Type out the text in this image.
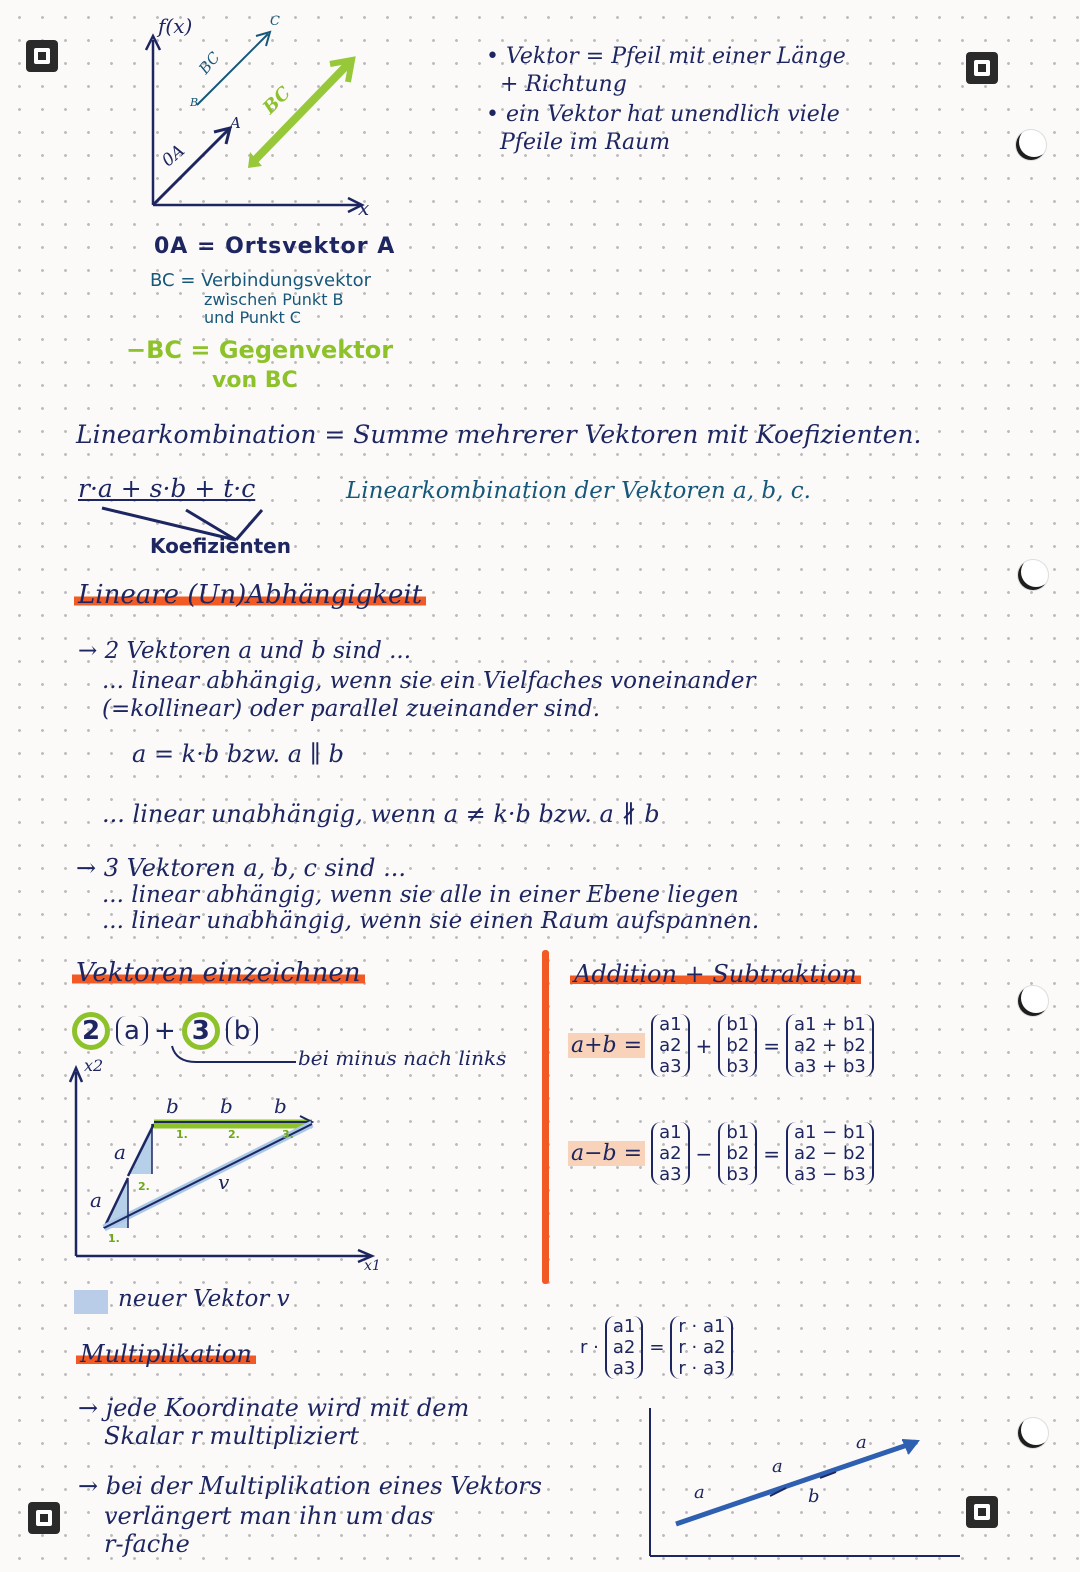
f(x)
x
0A
A
B
C
BC
BC
• Vektor = Pfeil mit einer Länge
+ Richtung
• ein Vektor hat unendlich viele
Pfeile im Raum
0A = Ortsvektor A
BC = Verbindungsvektor
zwischen Punkt B
und Punkt C
−BC = Gegenvektor
von BC
Linearkombination = Summe mehrerer Vektoren mit Koefizienten.
r·a + s·b + t·c	Linearkombination der Vektoren a, b, c.
Koefizienten
Lineare (Un)Abhängigkeit
→ 2 Vektoren a und b sind ...
... linear abhängig, wenn sie ein Vielfaches voneinander
(=kollinear) oder parallel zueinander sind.
a = k·b bzw. a ∥ b
... linear unabhängig, wenn a ≠ k·b bzw. a ∦ b
→ 3 Vektoren a, b, c sind ...
... linear abhängig, wenn sie alle in einer Ebene liegen
... linear unabhängig, wenn sie einen Raum aufspannen.
Vektoren einzeichnen
2 a + 3 b
bei minus nach links
x2
x1
b b b
a
a
v
1.
2.
1.	2.	3.
neuer Vektor v
Addition + Subtraktion
a+b =
a1
a2
a3
+
b1
b2
b3
=
a1 + b1
a2 + b2
a3 + b3
a−b =
a1
a2
a3
−
b1
b2
b3
=
a1 − b1
a2 − b2
a3 − b3
Multiplikation
→ jede Koordinate wird mit dem
Skalar r multipliziert
→ bei der Multiplikation eines Vektors
verlängert man ihn um das
r-fache
r ·
a1
a2
a3
=
r · a1
r · a2
r · a3
a
a
a
b
